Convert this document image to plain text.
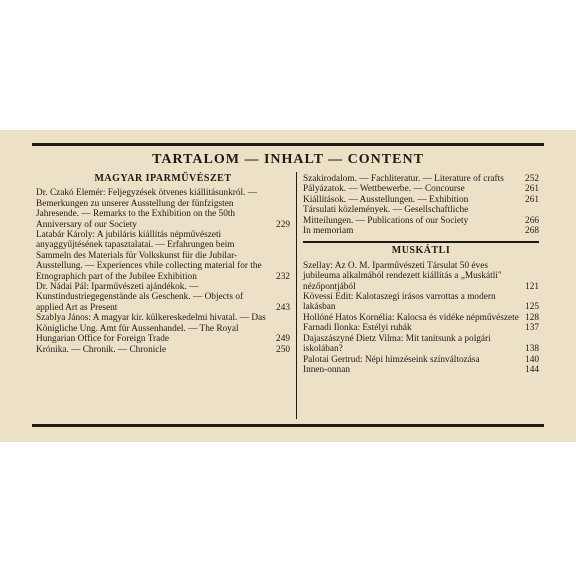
TARTALOM — INHALT — CONTENT
MAGYAR IPARMŰVÉSZET

Dr. Czakó Elemér: Feljegyzések ötvenes kiállításunkról. — Bemerkungen zu unserer Ausstellung der fünfzigsten Jahresende. — Remarks to the Exhibition on the 50th Anniversary of our Society	229

Latabár Károly: A jubiláris kiállítás népművészeti anyaggyűjtésének tapasztalatai. — Erfahrungen beim Sammeln des Materials für Volkskunst für die Jubilar-Ausstellung. — Experiences vhile collecting material for the Etnographich part of the Jubilee Exhibition	232

Dr. Nádai Pál: Iparművészeti ajándékok. — Kunstindustriegegenstände als Geschenk. — Objects of applied Art as Present	243

Szablya János: A magyar kir. külkereskedelmi hivatal. — Das Königliche Ung. Amt für Aussenhandel. — The Royal Hungarian Office for Foreign Trade	249

Krónika. — Chronik. — Chronicle	250

Szakirodalom. — Fachliteratur. — Literature of crafts 252

Pályázatok. — Wettbewerbe. — Concourse	261

Kiállítások. — Ausstellungen. — Exhibition	261

Társulati közlemények. — Gesellschaftliche Mitteilungen. — Publications of our Society	266

In memoriam	268

MUSKÁTLI

Szellay: Az O. M. Iparművészeti Társulat 50 éves jubileuma alkalmából rendezett kiállítás a „Muskátli" nézőpontjából	121

Kövessi Edit: Kalotaszegi írásos varrottas a modern lakásban	125

Hollóné Hatos Kornélia: Kalocsa és vidéke népművészete 128

Farnadi Ilonka: Estélyi ruhák	137

Dajaszászyné Dietz Vilma: Mit tanítsunk a polgári iskolában?	138

Palotai Gertrud: Népi hímzéseink színváltozása	140

Innen-onnan	144
